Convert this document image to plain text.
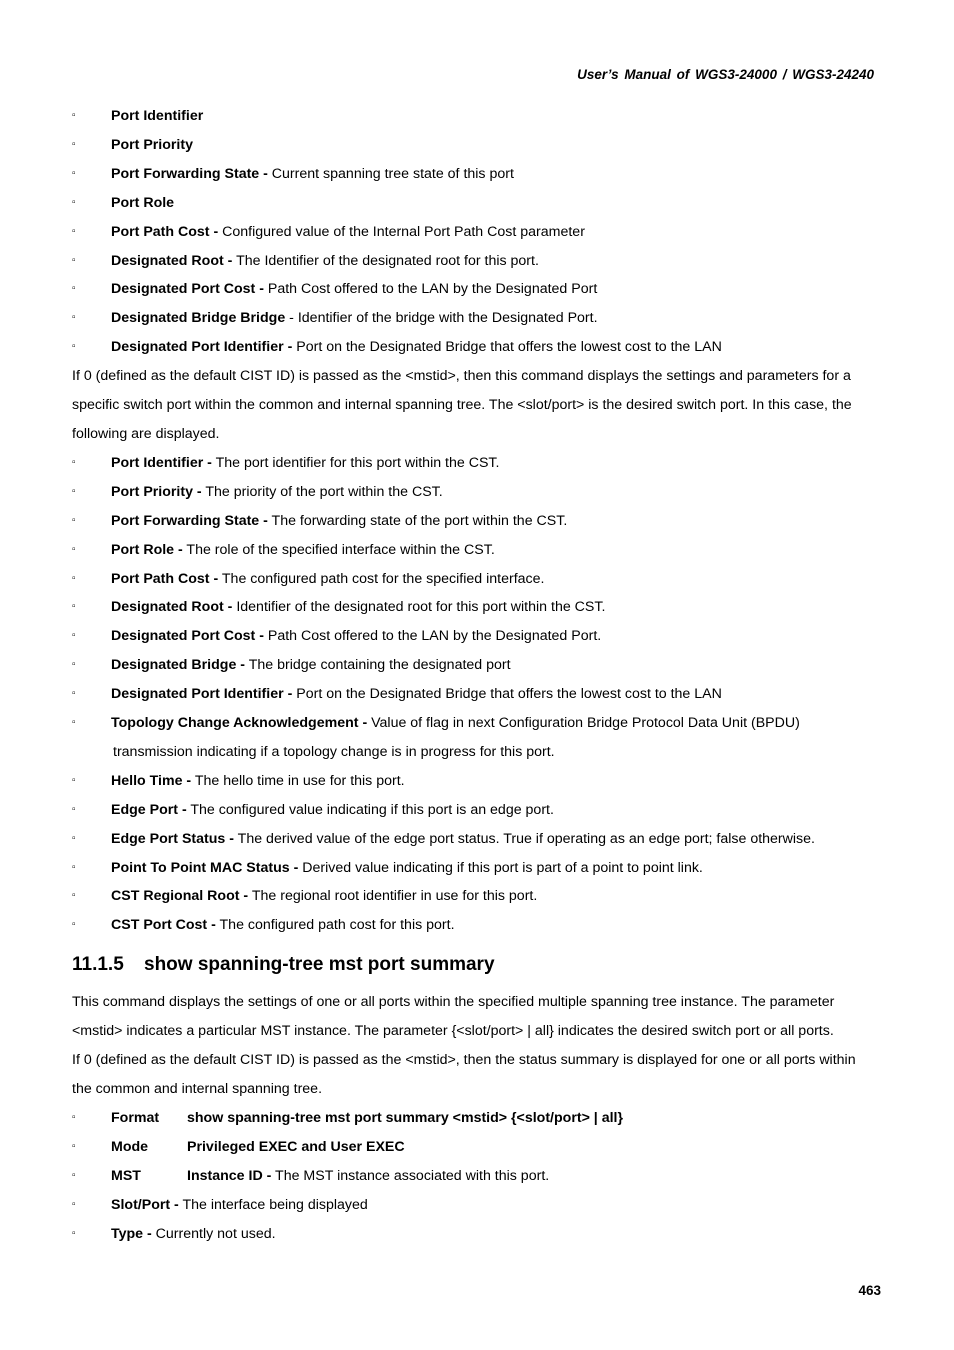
User’s Manual of WGS3-24000 / WGS3-24240
▫ Port Identifier
▫ Port Priority
▫ Port Forwarding State - Current spanning tree state of this port
▫ Port Role
▫ Port Path Cost - Configured value of the Internal Port Path Cost parameter
▫ Designated Root - The Identifier of the designated root for this port.
▫ Designated Port Cost - Path Cost offered to the LAN by the Designated Port
▫ Designated Bridge Bridge - Identifier of the bridge with the Designated Port.
▫ Designated Port Identifier - Port on the Designated Bridge that offers the lowest cost to the LAN
If 0 (defined as the default CIST ID) is passed as the <mstid>, then this command displays the settings and parameters for a
specific switch port within the common and internal spanning tree. The <slot/port> is the desired switch port. In this case, the
following are displayed.
▫ Port Identifier - The port identifier for this port within the CST.
▫ Port Priority - The priority of the port within the CST.
▫ Port Forwarding State - The forwarding state of the port within the CST.
▫ Port Role - The role of the specified interface within the CST.
▫ Port Path Cost - The configured path cost for the specified interface.
▫ Designated Root - Identifier of the designated root for this port within the CST.
▫ Designated Port Cost - Path Cost offered to the LAN by the Designated Port.
▫ Designated Bridge - The bridge containing the designated port
▫ Designated Port Identifier - Port on the Designated Bridge that offers the lowest cost to the LAN
▫ Topology Change Acknowledgement - Value of flag in next Configuration Bridge Protocol Data Unit (BPDU)
transmission indicating if a topology change is in progress for this port.
▫ Hello Time - The hello time in use for this port.
▫ Edge Port - The configured value indicating if this port is an edge port.
▫ Edge Port Status - The derived value of the edge port status. True if operating as an edge port; false otherwise.
▫ Point To Point MAC Status - Derived value indicating if this port is part of a point to point link.
▫ CST Regional Root - The regional root identifier in use for this port.
▫ CST Port Cost - The configured path cost for this port.
11.1.5 show spanning-tree mst port summary
This command displays the settings of one or all ports within the specified multiple spanning tree instance. The parameter
<mstid> indicates a particular MST instance. The parameter {<slot/port> | all} indicates the desired switch port or all ports.
If 0 (defined as the default CIST ID) is passed as the <mstid>, then the status summary is displayed for one or all ports within
the common and internal spanning tree.
▫ Format show spanning-tree mst port summary <mstid> {<slot/port> | all}
▫ Mode	Privileged EXEC and User EXEC
▫ MST	Instance ID - The MST instance associated with this port.
▫ Slot/Port - The interface being displayed
▫ Type - Currently not used.
463
